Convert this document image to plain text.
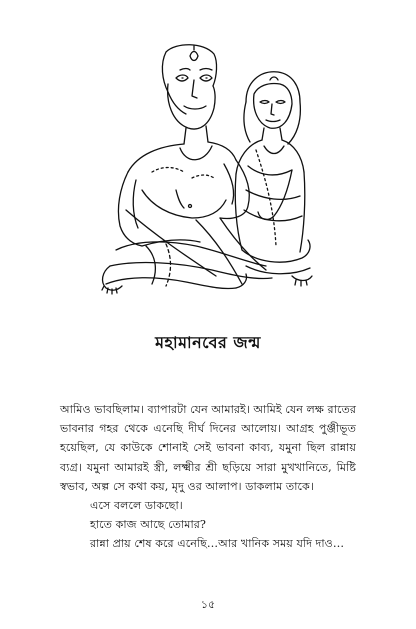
মহামানবের জন্ম

আমিও ভাবছিলাম। ব্যাপারটা যেন আমারই। আমিই যেন লক্ষ রাতের ভাবনার গহর থেকে এনেছি দীর্ঘ দিনের আলোয়। আগ্রহ পুঞ্জীভূত হয়েছিল, যে কাউকে শোনাই সেই ভাবনা কাব্য, যমুনা ছিল রান্নায় ব্যগ্র। যমুনা আমারই স্ত্রী, লক্ষ্মীর শ্রী ছড়িয়ে সারা মুখখানিতে, মিষ্টি স্বভাব, অল্প সে কথা কয়, মৃদু ওর আলাপ। ডাকলাম তাকে।

এসে বললে ডাকছো।

হাতে কাজ আছে তোমার?

রান্না প্রায় শেষ করে এনেছি…আর খানিক সময় যদি দাও…

১৫
